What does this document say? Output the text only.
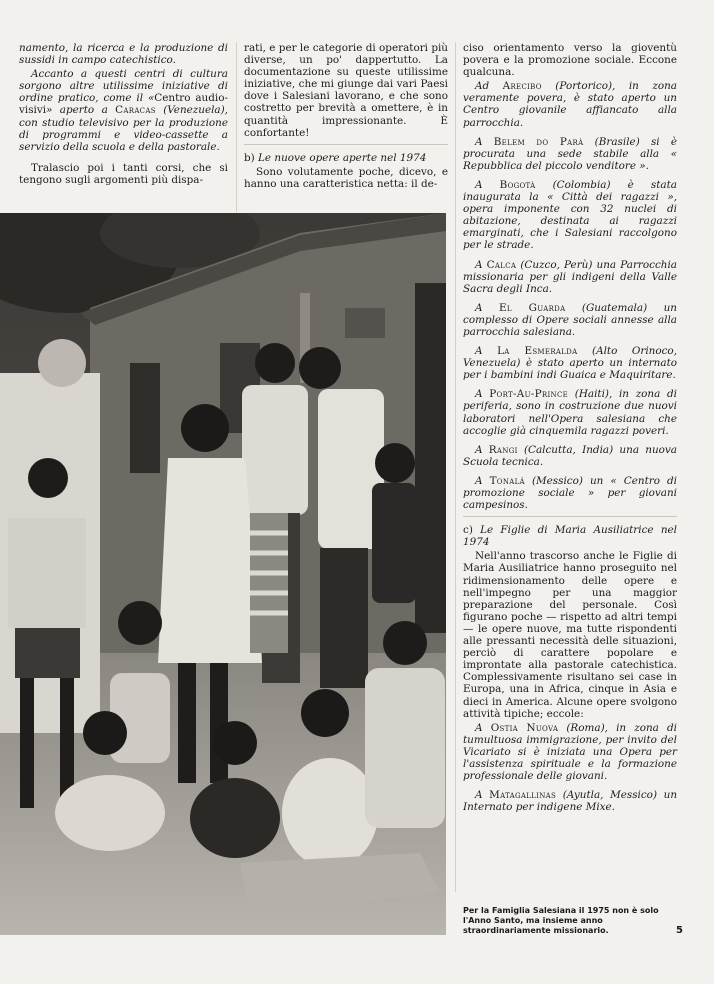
namento, la ricerca e la produzione di sussidi in campo catechistico.

Accanto a questi centri di cultura sorgono altre utilissime iniziative di ordine pratico, come il «Centro audio-visivi» aperto a Caracas (Venezuela), con studio televisivo per la produzione di programmi e video-cassette a servizio della scuola e della pastorale.

Tralascio poi i tanti corsi, che si tengono sugli argomenti più dispa-

rati, e per le categorie di operatori più diverse, un po' dappertutto. La documentazione su queste utilissime iniziative, che mi giunge dai vari Paesi dove i Salesiani lavorano, e che sono costretto per brevità a omettere, è in quantità impressionante. È confortante!

b) Le nuove opere aperte nel 1974

Sono volutamente poche, dicevo, e hanno una caratteristica netta: il de-

ciso orientamento verso la gioventù povera e la promozione sociale. Eccone qualcuna.

Ad Arecibo (Portorico), in zona veramente povera, è stato aperto un Centro giovanile affiancato alla parrocchia.

A Belem do Parà (Brasile) si è procurata una sede stabile alla « Repubblica del piccolo venditore ».

A Bogotà (Colombia) è stata inaugurata la « Città dei ragazzi », opera imponente con 32 nuclei di abitazione, destinata ai ragazzi emarginati, che i Salesiani raccolgono per le strade.

A Calca (Cuzco, Perù) una Parrocchia missionaria per gli indigeni della Valle Sacra degli Inca.

A El Guarda (Guatemala) un complesso di Opere sociali annesse alla parrocchia salesiana.

A La Esmeralda (Alto Orinoco, Venezuela) è stato aperto un internato per i bambini indi Guaica e Maquiritare.

A Port-Au-Prince (Haiti), in zona di periferia, sono in costruzione due nuovi laboratori nell'Opera salesiana che accoglie già cinquemila ragazzi poveri.

A Rangi (Calcutta, India) una nuova Scuola tecnica.

A Tonalá (Messico) un « Centro di promozione sociale » per giovani campesinos.

c) Le Figlie di Maria Ausiliatrice nel 1974

Nell'anno trascorso anche le Figlie di Maria Ausiliatrice hanno proseguito nel ridimensionamento delle opere e nell'impegno per una maggior preparazione del personale. Così figurano poche — rispetto ad altri tempi — le opere nuove, ma tutte rispondenti alle pressanti necessità delle situazioni, perciò di carattere popolare e improntate alla pastorale catechistica. Complessivamente risultano sei case in Europa, una in Africa, cinque in Asia e dieci in America. Alcune opere svolgono attività tipiche; eccole:

A Ostia Nuova (Roma), in zona di tumultuosa immigrazione, per invito del Vicariato si è iniziata una Opera per l'assistenza spirituale e la formazione professionale delle giovani.

A Matagallinas (Ayutla, Messico) un Internato per indigene Mixe.

Per la Famiglia Salesiana il 1975 non è solo l'Anno Santo, ma insieme anno straordinariamente missionario.	5
